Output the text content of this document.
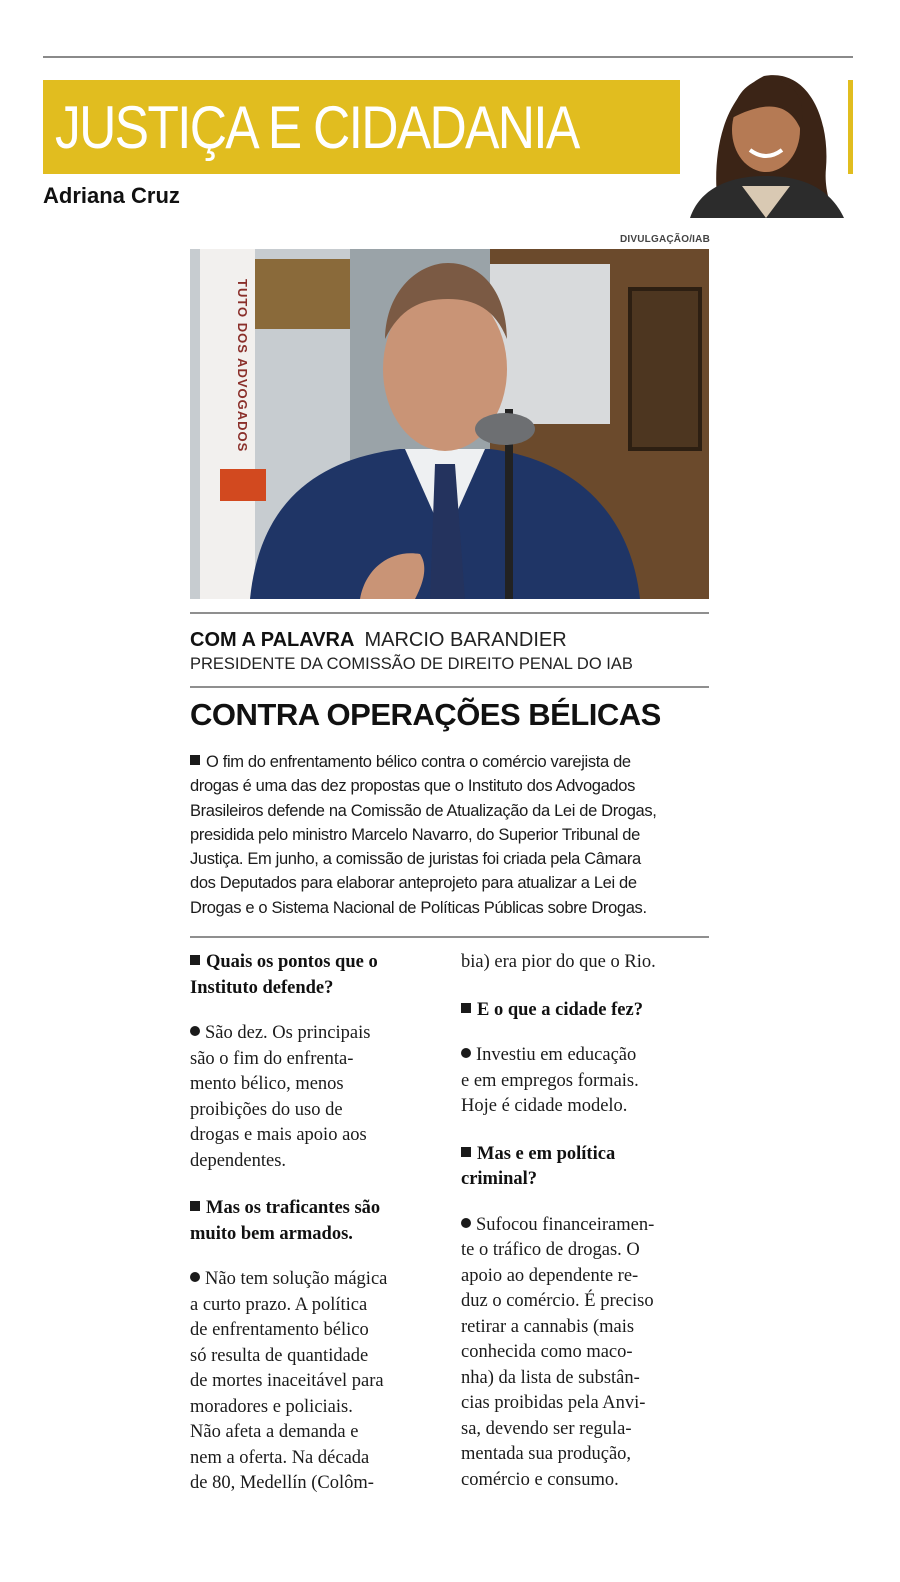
JUSTIÇA E CIDADANIA
Adriana Cruz
DIVULGAÇÃO/IAB
TUTO DOS ADVOGADOS
COM A PALAVRA MARCIO BARANDIER
PRESIDENTE DA COMISSÃO DE DIREITO PENAL DO IAB
CONTRA OPERAÇÕES BÉLICAS
O fim do enfrentamento bélico contra o comércio varejista de
drogas é uma das dez propostas que o Instituto dos Advogados
Brasileiros defende na Comissão de Atualização da Lei de Drogas,
presidida pelo ministro Marcelo Navarro, do Superior Tribunal de
Justiça. Em junho, a comissão de juristas foi criada pela Câmara
dos Deputados para elaborar anteprojeto para atualizar a Lei de
Drogas e o Sistema Nacional de Políticas Públicas sobre Drogas.

Quais os pontos que o
Instituto defende?

São dez. Os principais
são o fim do enfrenta-
mento bélico, menos
proibições do uso de
drogas e mais apoio aos
dependentes.

Mas os traficantes são
muito bem armados.

Não tem solução mágica
a curto prazo. A política
de enfrentamento bélico
só resulta de quantidade
de mortes inaceitável para
moradores e policiais.
Não afeta a demanda e
nem a oferta. Na década
de 80, Medellín (Colôm-

bia) era pior do que o Rio.

E o que a cidade fez?

Investiu em educação
e em empregos formais.
Hoje é cidade modelo.

Mas e em política
criminal?

Sufocou financeiramen-
te o tráfico de drogas. O
apoio ao dependente re-
duz o comércio. É preciso
retirar a cannabis (mais
conhecida como maco-
nha) da lista de substân-
cias proibidas pela Anvi-
sa, devendo ser regula-
mentada sua produção,
comércio e consumo.
